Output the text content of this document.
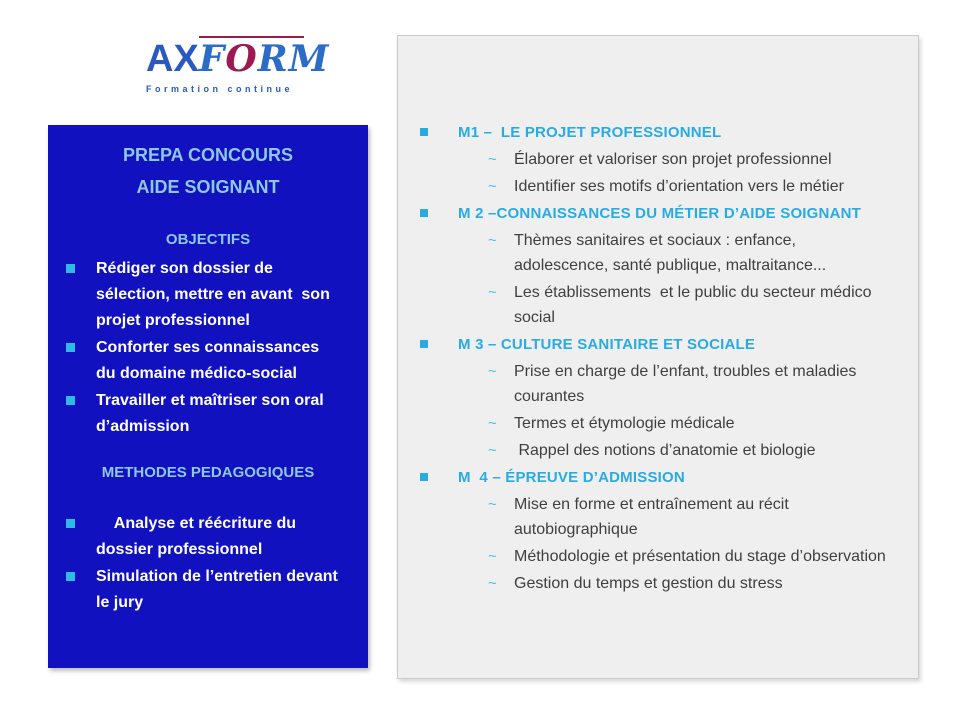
AX
FORM
Formation continue
PREPA CONCOURS
AIDE SOIGNANT
OBJECTIFS
Rédiger son dossier de sélection, mettre en avant  son projet professionnel
Conforter ses connaissances du domaine médico-social
Travailler et maîtriser son oral d’admission
METHODES PEDAGOGIQUES
Analyse et réécriture du dossier professionnel
Simulation de l’entretien devant le jury
M1 –  LE PROJET PROFESSIONNEL
~	Élaborer et valoriser son projet professionnel
~	Identifier ses motifs d’orientation vers le métier
M 2 –CONNAISSANCES DU MÉTIER D’AIDE SOIGNANT
~	Thèmes sanitaires et sociaux : enfance, adolescence, santé publique, maltraitance...
~	Les établissements  et le public du secteur médico social
M 3 – CULTURE SANITAIRE ET SOCIALE
~	Prise en charge de l’enfant, troubles et maladies courantes
~	Termes et étymologie médicale
~	Rappel des notions d’anatomie et biologie
M  4 – ÉPREUVE D’ADMISSION
~	Mise en forme et entraînement au récit autobiographique
~	Méthodologie et présentation du stage d’observation
~	Gestion du temps et gestion du stress
